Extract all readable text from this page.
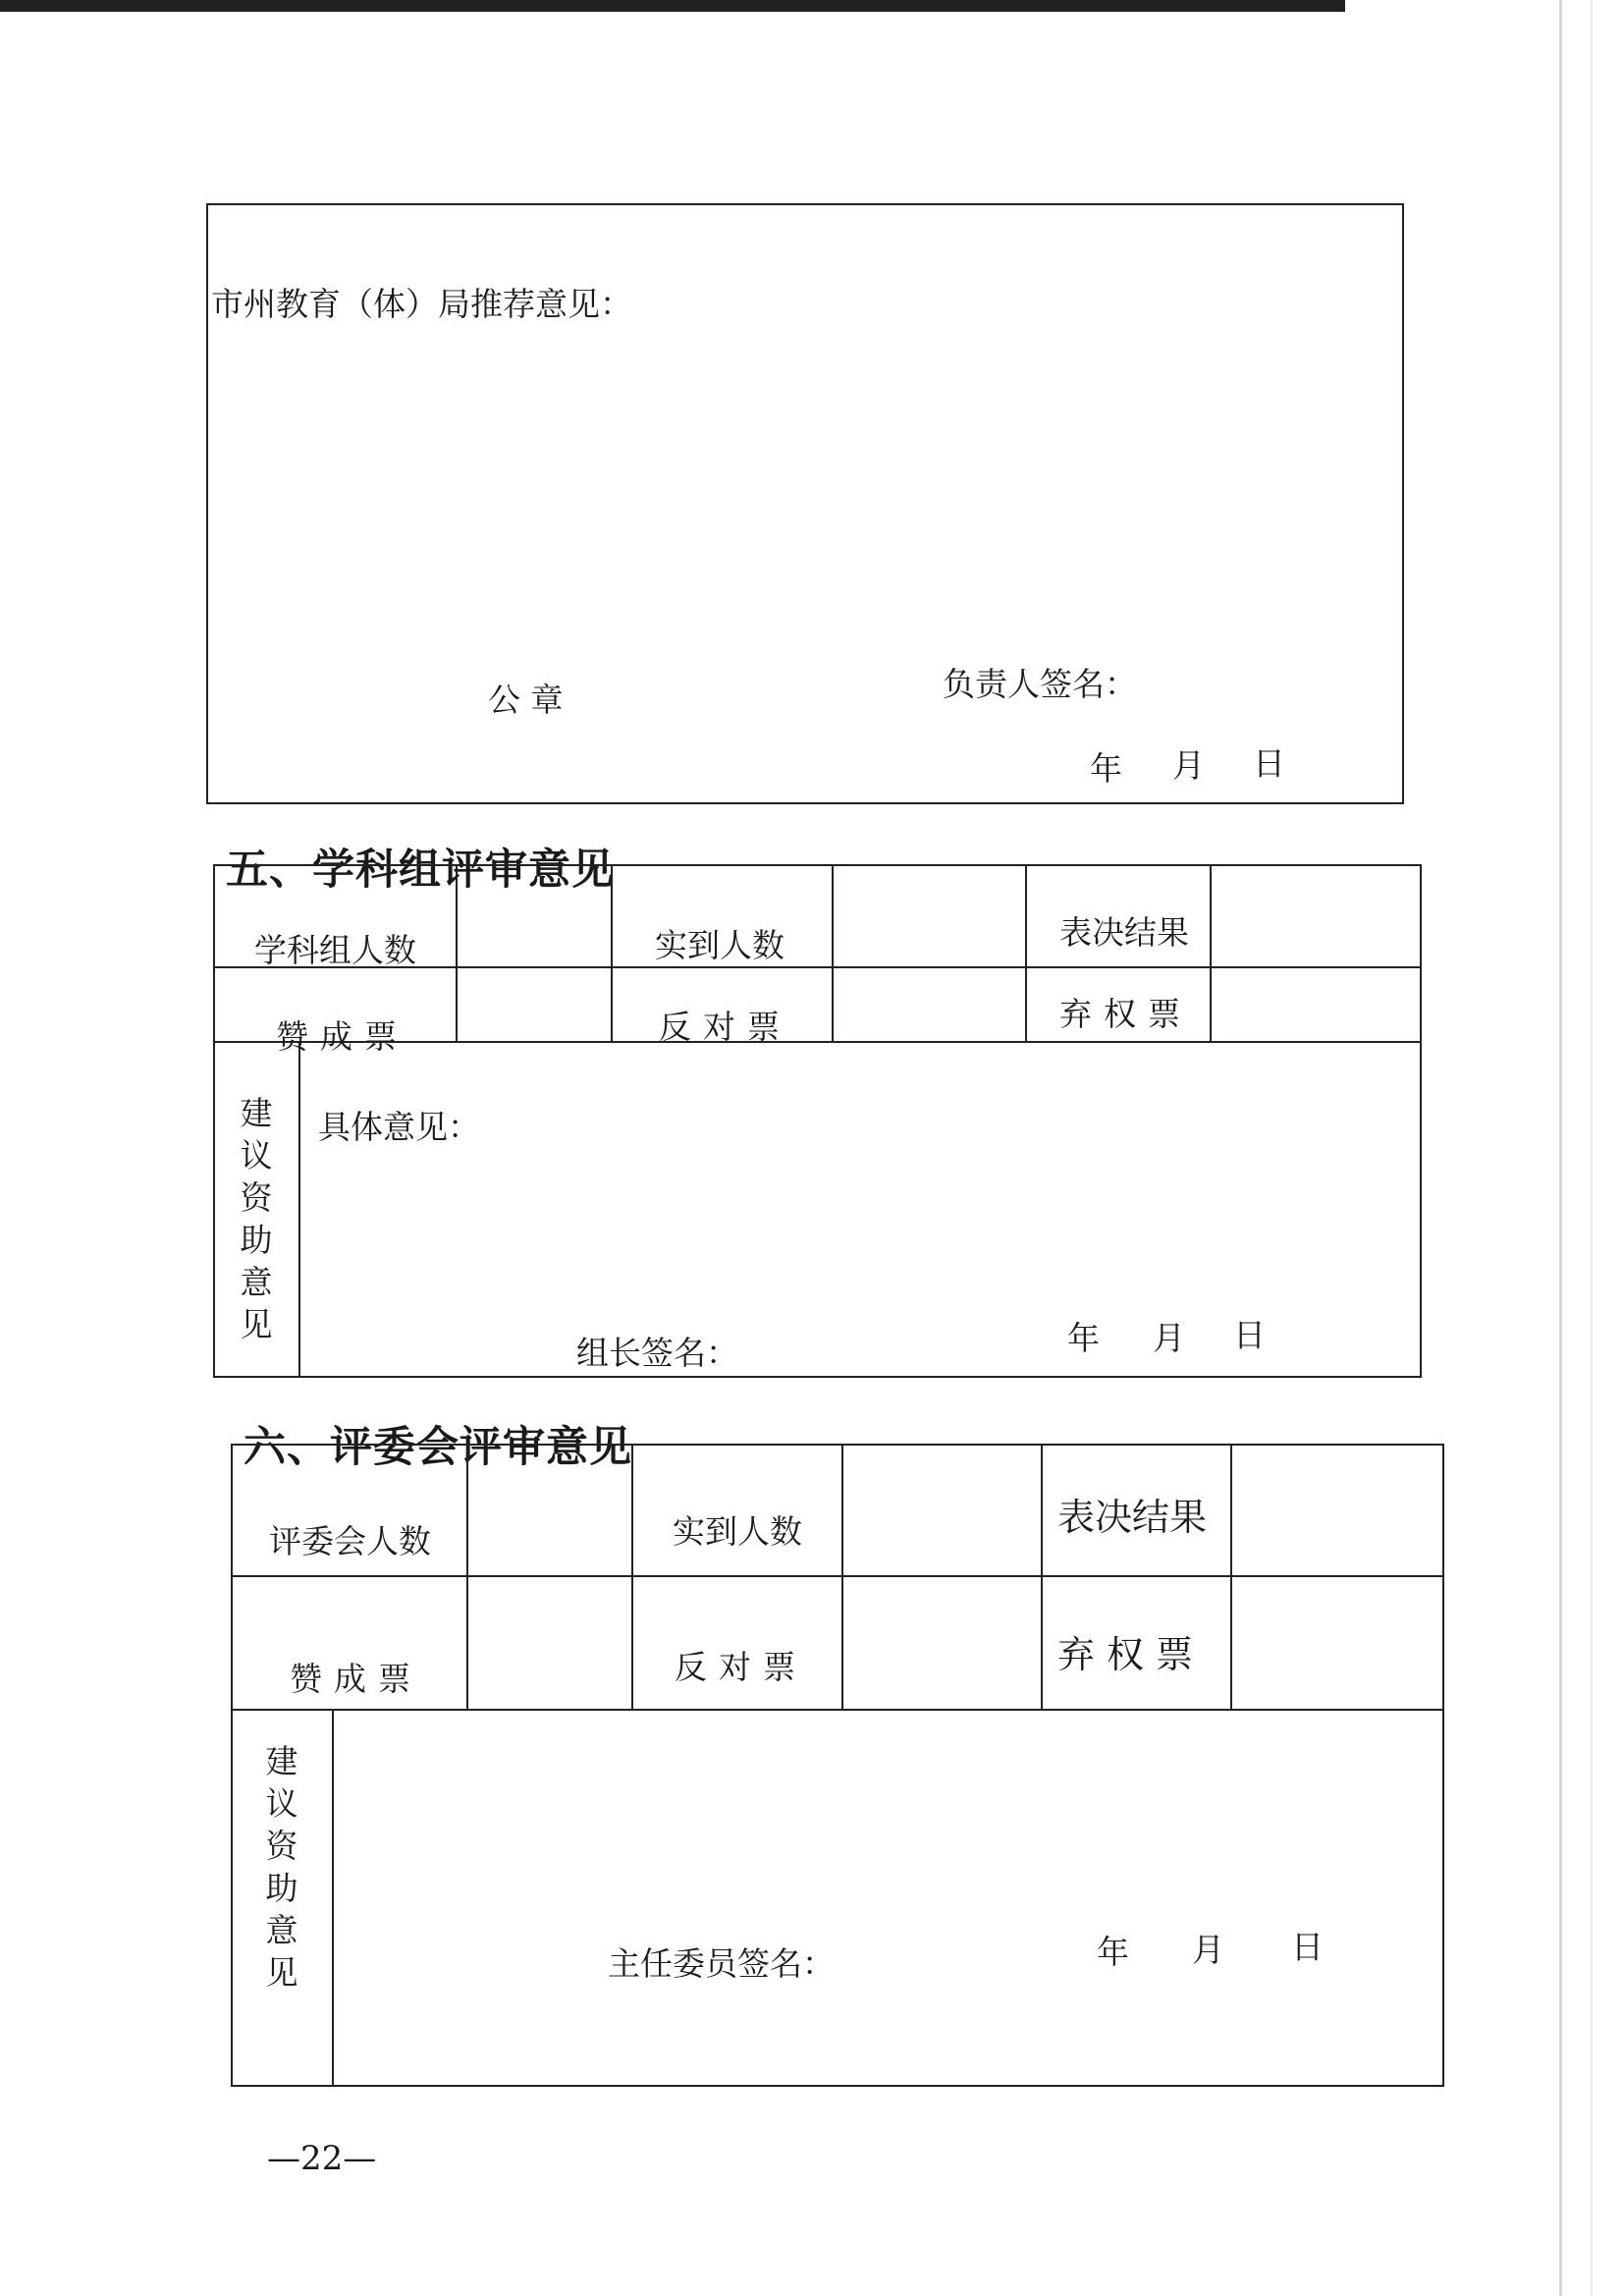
市州教育（体）局推荐意见：
公 章	负责人签名：
年 月 日
五、学科组评审意见
学科组人数	实到人数	表决结果
赞成票	反对票	弃权票
建
议
资
助
意
见
具体意见：
组长签名：	年 月 日
六、评委会评审意见
评委会人数	实到人数	表决结果
赞成票	反对票	弃权票
建
议
资
助
意
见	主任委员签名：	年 月 日
—22—
